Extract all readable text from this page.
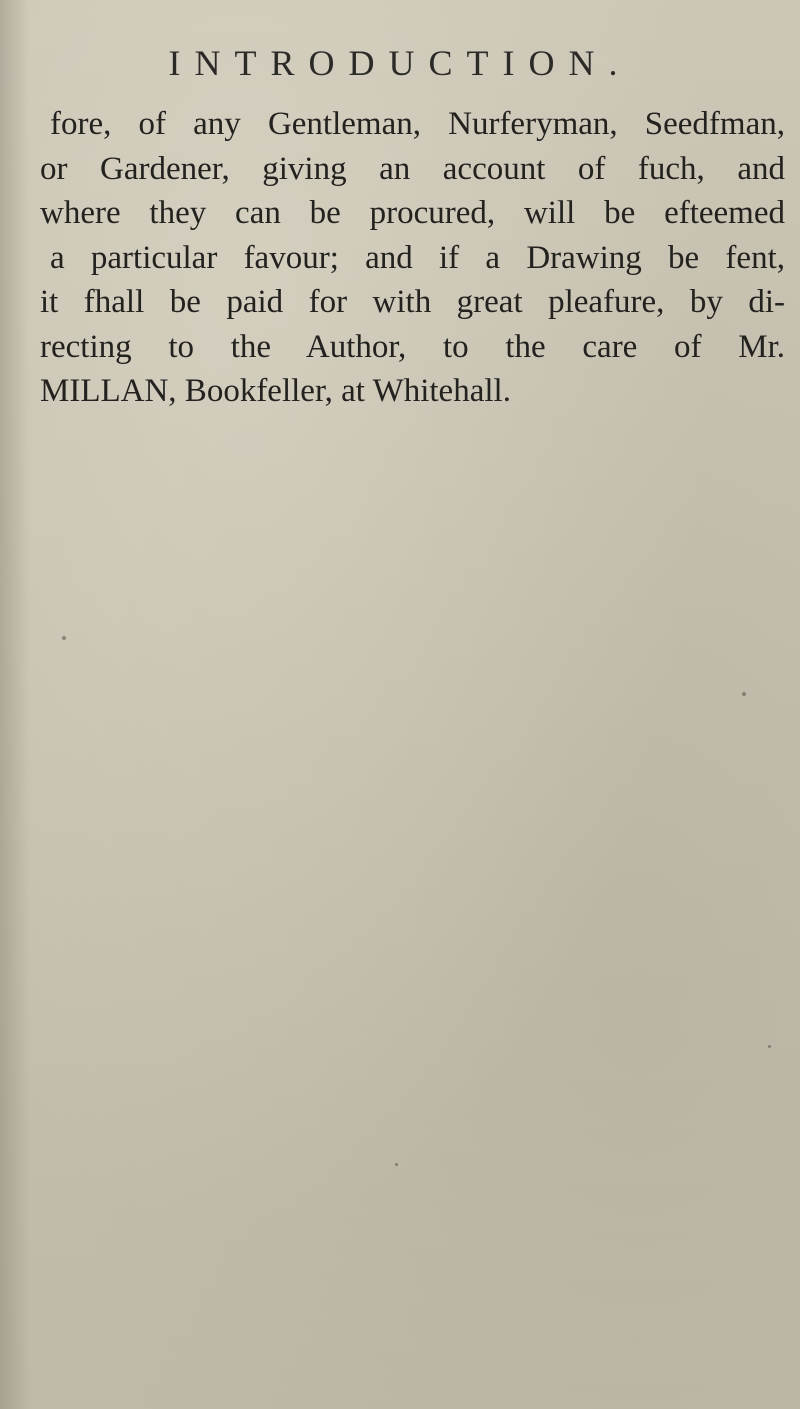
INTRODUCTION.
fore, of any Gentleman, Nurferyman, Seedfman,
or Gardener, giving an account of fuch, and
where they can be procured, will be efteemed
a particular favour; and if a Drawing be fent,
it fhall be paid for with great pleafure, by di-
recting to the Author, to the care of Mr.
MILLAN, Bookfeller, at Whitehall.
